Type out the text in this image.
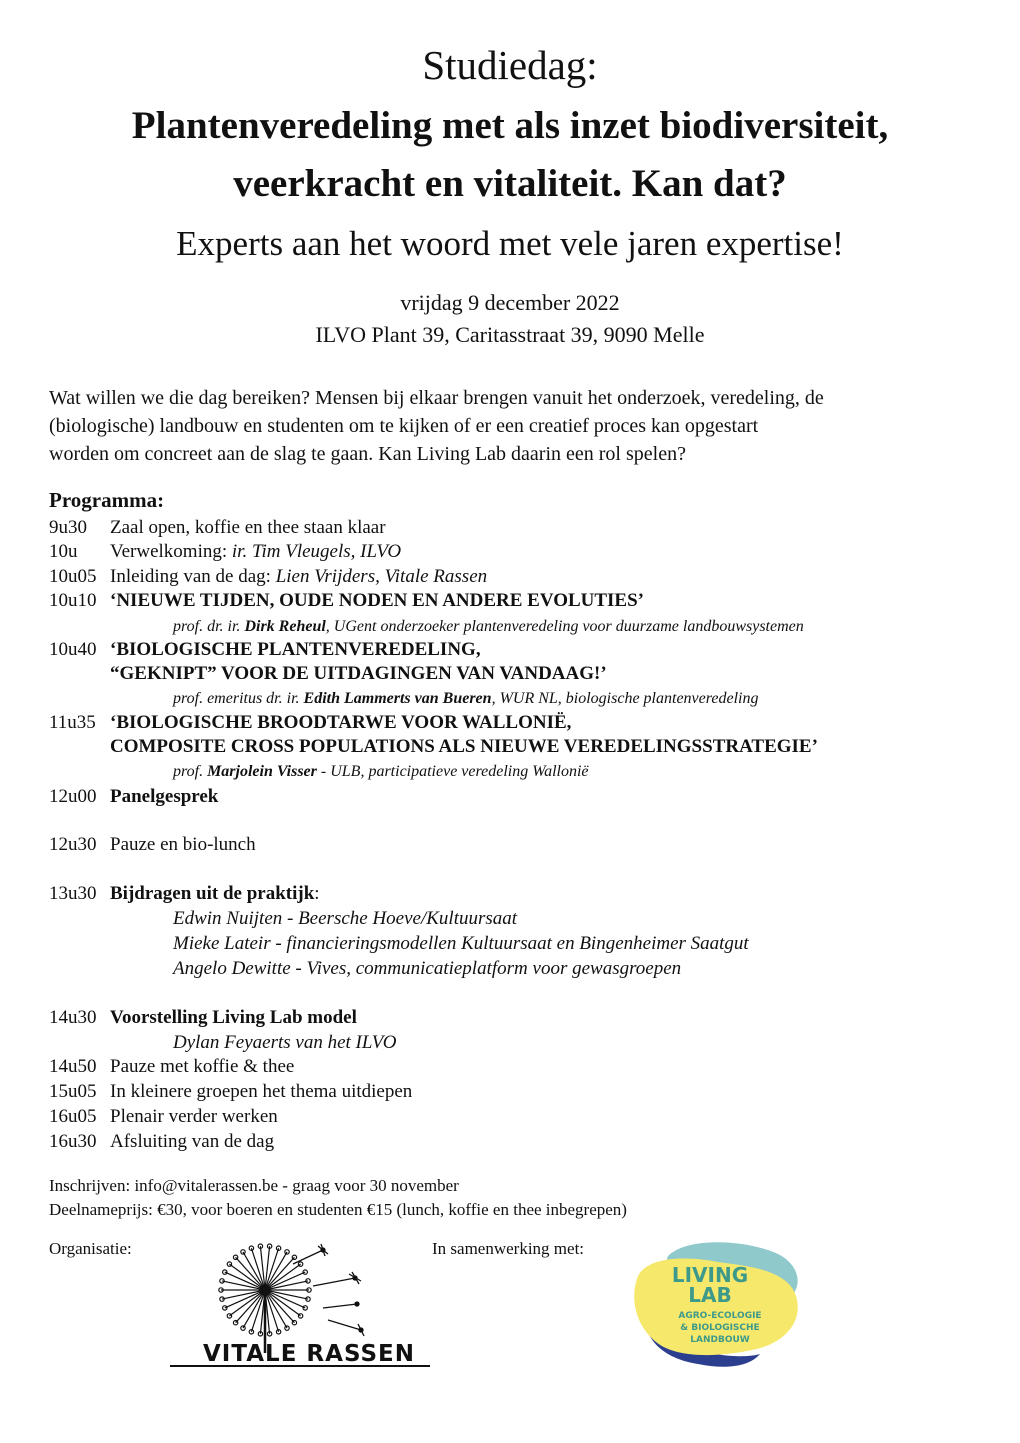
Studiedag:
Plantenveredeling met als inzet biodiversiteit,
veerkracht en vitaliteit. Kan dat?
Experts aan het woord met vele jaren expertise!
vrijdag 9 december 2022
ILVO Plant 39, Caritasstraat 39, 9090 Melle
Wat willen we die dag bereiken? Mensen bij elkaar brengen vanuit het onderzoek, veredeling, de
(biologische) landbouw en studenten om te kijken of er een creatief proces kan opgestart
worden om concreet aan de slag te gaan. Kan Living Lab daarin een rol spelen?
Programma:
9u30 Zaal open, koffie en thee staan klaar
10u Verwelkoming: ir. Tim Vleugels, ILVO
10u05 Inleiding van de dag: Lien Vrijders, Vitale Rassen
10u10 ‘NIEUWE TIJDEN, OUDE NODEN EN ANDERE EVOLUTIES’
prof. dr. ir. Dirk Reheul, UGent onderzoeker plantenveredeling voor duurzame landbouwsystemen
10u40 ‘BIOLOGISCHE PLANTENVEREDELING,
“GEKNIPT” VOOR DE UITDAGINGEN VAN VANDAAG!’
prof. emeritus dr. ir. Edith Lammerts van Bueren, WUR NL, biologische plantenveredeling
11u35 ‘BIOLOGISCHE BROODTARWE VOOR WALLONIË,
COMPOSITE CROSS POPULATIONS ALS NIEUWE VEREDELINGSSTRATEGIE’
prof. Marjolein Visser - ULB, participatieve veredeling Wallonië
12u00 Panelgesprek
12u30 Pauze en bio-lunch
13u30 Bijdragen uit de praktijk:
Edwin Nuijten - Beersche Hoeve/Kultuursaat
Mieke Lateir - financieringsmodellen Kultuursaat en Bingenheimer Saatgut
Angelo Dewitte - Vives, communicatieplatform voor gewasgroepen
14u30 Voorstelling Living Lab model
Dylan Feyaerts van het ILVO
14u50 Pauze met koffie & thee
15u05 In kleinere groepen het thema uitdiepen
16u05 Plenair verder werken
16u30 Afsluiting van de dag
Inschrijven: info@vitalerassen.be - graag voor 30 november
Deelnameprijs: €30, voor boeren en studenten €15 (lunch, koffie en thee inbegrepen)
Organisatie:	In samenwerking met:
VITALE RASSEN
LIVING
LAB
AGRO-ECOLOGIE
& BIOLOGISCHE
LANDBOUW
